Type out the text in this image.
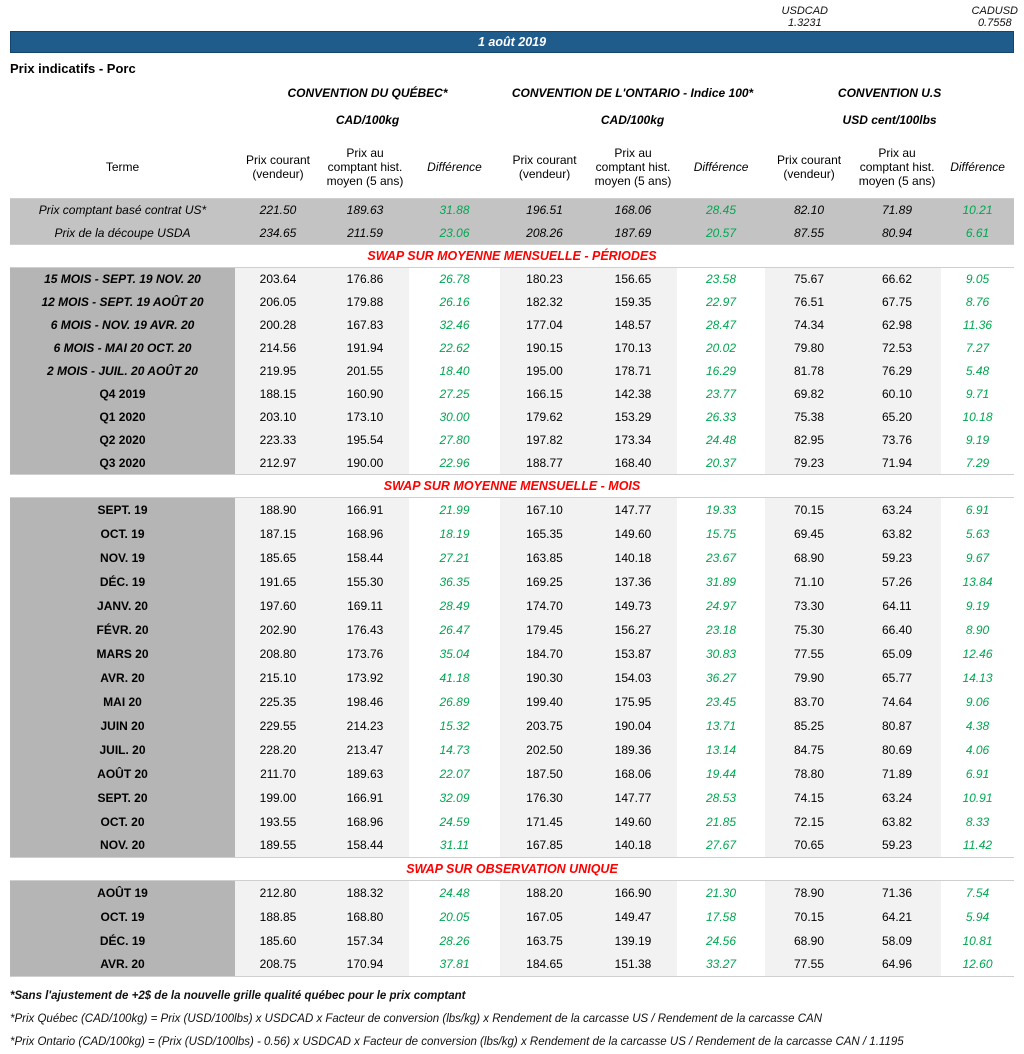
USDCAD
1.3231
CADUSD
0.7558
1 août 2019
Prix indicatifs - Porc
	CONVENTION DU QUÉBEC*			CONVENTION DE L'ONTARIO - Indice 100*			CONVENTION U.S		
	CAD/100kg			CAD/100kg			USD cent/100lbs		
Terme	Prix courant (vendeur)	Prix au comptant hist. moyen (5 ans)	Différence	Prix courant (vendeur)	Prix au comptant hist. moyen (5 ans)	Différence	Prix courant (vendeur)	Prix au comptant hist. moyen (5 ans)	Différence
Prix comptant basé contrat US*	221.50	189.63	31.88	196.51	168.06	28.45	82.10	71.89	10.21
Prix de la découpe USDA	234.65	211.59	23.06	208.26	187.69	20.57	87.55	80.94	6.61
SWAP SUR MOYENNE MENSUELLE - PÉRIODES
15 MOIS - SEPT. 19 NOV. 20	203.64	176.86	26.78	180.23	156.65	23.58	75.67	66.62	9.05
12 MOIS - SEPT. 19 AOÛT 20	206.05	179.88	26.16	182.32	159.35	22.97	76.51	67.75	8.76
6 MOIS - NOV. 19 AVR. 20	200.28	167.83	32.46	177.04	148.57	28.47	74.34	62.98	11.36
6 MOIS - MAI 20 OCT. 20	214.56	191.94	22.62	190.15	170.13	20.02	79.80	72.53	7.27
2 MOIS - JUIL. 20 AOÛT 20	219.95	201.55	18.40	195.00	178.71	16.29	81.78	76.29	5.48
Q4 2019	188.15	160.90	27.25	166.15	142.38	23.77	69.82	60.10	9.71
Q1 2020	203.10	173.10	30.00	179.62	153.29	26.33	75.38	65.20	10.18
Q2 2020	223.33	195.54	27.80	197.82	173.34	24.48	82.95	73.76	9.19
Q3 2020	212.97	190.00	22.96	188.77	168.40	20.37	79.23	71.94	7.29
SWAP SUR MOYENNE MENSUELLE - MOIS
SEPT. 19	188.90	166.91	21.99	167.10	147.77	19.33	70.15	63.24	6.91
OCT. 19	187.15	168.96	18.19	165.35	149.60	15.75	69.45	63.82	5.63
NOV. 19	185.65	158.44	27.21	163.85	140.18	23.67	68.90	59.23	9.67
DÉC. 19	191.65	155.30	36.35	169.25	137.36	31.89	71.10	57.26	13.84
JANV. 20	197.60	169.11	28.49	174.70	149.73	24.97	73.30	64.11	9.19
FÉVR. 20	202.90	176.43	26.47	179.45	156.27	23.18	75.30	66.40	8.90
MARS 20	208.80	173.76	35.04	184.70	153.87	30.83	77.55	65.09	12.46
AVR. 20	215.10	173.92	41.18	190.30	154.03	36.27	79.90	65.77	14.13
MAI 20	225.35	198.46	26.89	199.40	175.95	23.45	83.70	74.64	9.06
JUIN 20	229.55	214.23	15.32	203.75	190.04	13.71	85.25	80.87	4.38
JUIL. 20	228.20	213.47	14.73	202.50	189.36	13.14	84.75	80.69	4.06
AOÛT 20	211.70	189.63	22.07	187.50	168.06	19.44	78.80	71.89	6.91
SEPT. 20	199.00	166.91	32.09	176.30	147.77	28.53	74.15	63.24	10.91
OCT. 20	193.55	168.96	24.59	171.45	149.60	21.85	72.15	63.82	8.33
NOV. 20	189.55	158.44	31.11	167.85	140.18	27.67	70.65	59.23	11.42
SWAP SUR OBSERVATION UNIQUE
AOÛT 19	212.80	188.32	24.48	188.20	166.90	21.30	78.90	71.36	7.54
OCT. 19	188.85	168.80	20.05	167.05	149.47	17.58	70.15	64.21	5.94
DÉC. 19	185.60	157.34	28.26	163.75	139.19	24.56	68.90	58.09	10.81
AVR. 20	208.75	170.94	37.81	184.65	151.38	33.27	77.55	64.96	12.60
*Sans l'ajustement de +2$ de la nouvelle grille qualité québec pour le prix comptant
*Prix Québec (CAD/100kg) = Prix (USD/100lbs) x USDCAD x Facteur de conversion (lbs/kg) x Rendement de la carcasse US / Rendement de la carcasse CAN
*Prix Ontario (CAD/100kg) = (Prix (USD/100lbs) - 0.56) x USDCAD x Facteur de conversion (lbs/kg) x Rendement de la carcasse US / Rendement de la carcasse CAN / 1.1195
